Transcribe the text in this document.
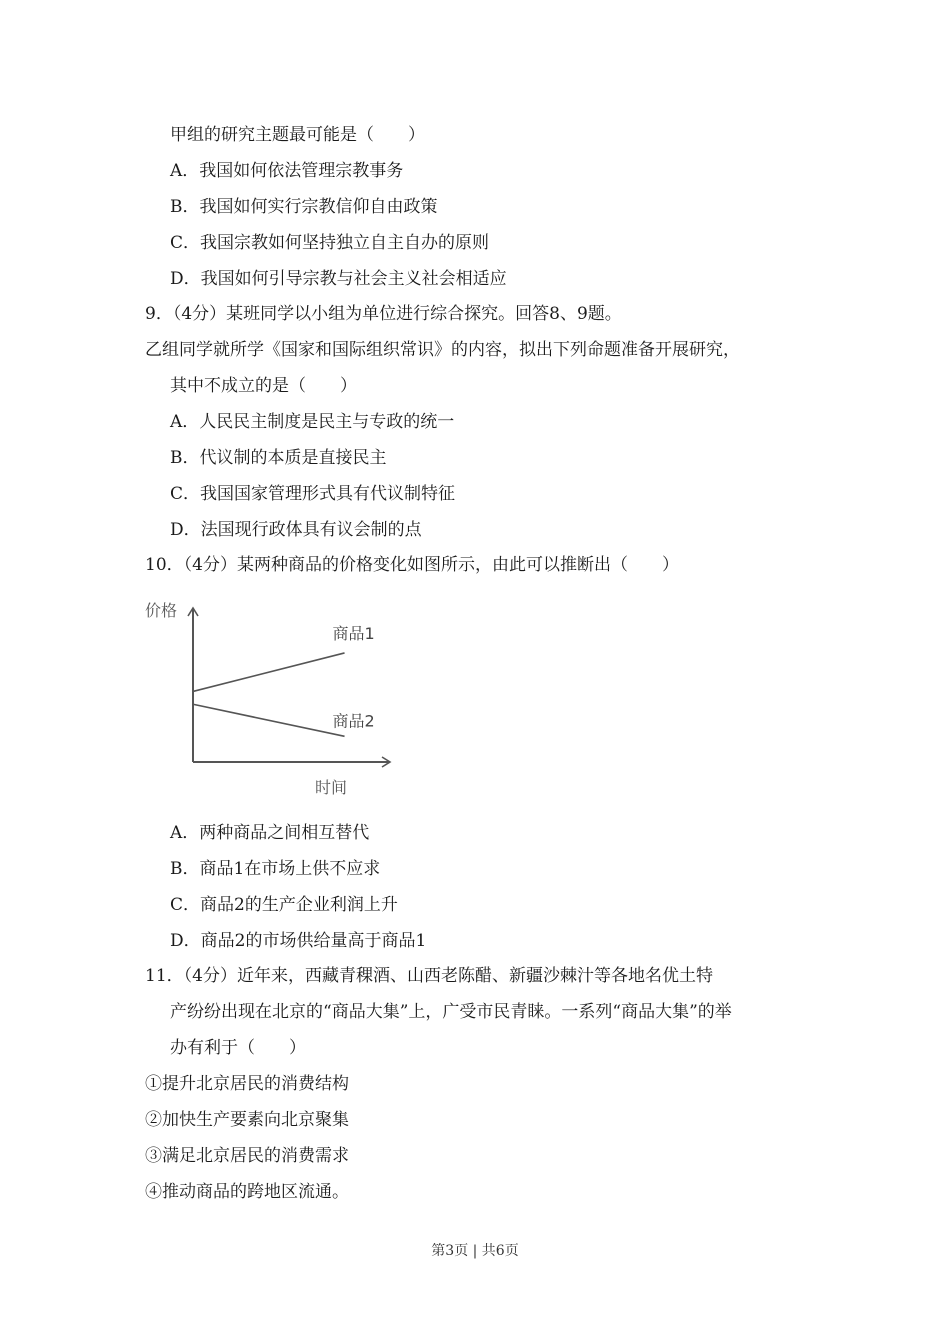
甲组的研究主题最可能是（　　）
A．我国如何依法管理宗教事务
B．我国如何实行宗教信仰自由政策
C．我国宗教如何坚持独立自主自办的原则
D．我国如何引导宗教与社会主义社会相适应
9．（4分）某班同学以小组为单位进行综合探究。回答8、9题。
乙组同学就所学《国家和国际组织常识》的内容，拟出下列命题准备开展研究，
其中不成立的是（　　）
A．人民民主制度是民主与专政的统一
B．代议制的本质是直接民主
C．我国国家管理形式具有代议制特征
D．法国现行政体具有议会制的点
10．（4分）某两种商品的价格变化如图所示，由此可以推断出（　　）
商品1
商品2
价格
时间
A．两种商品之间相互替代
B．商品1在市场上供不应求
C．商品2的生产企业利润上升
D．商品2的市场供给量高于商品1
11．（4分）近年来，西藏青稞酒、山西老陈醋、新疆沙棘汁等各地名优土特
产纷纷出现在北京的“商品大集”上，广受市民青睐。一系列“商品大集”的举
办有利于（　　）
①提升北京居民的消费结构
②加快生产要素向北京聚集
③满足北京居民的消费需求
④推动商品的跨地区流通。
第3页 | 共6页
